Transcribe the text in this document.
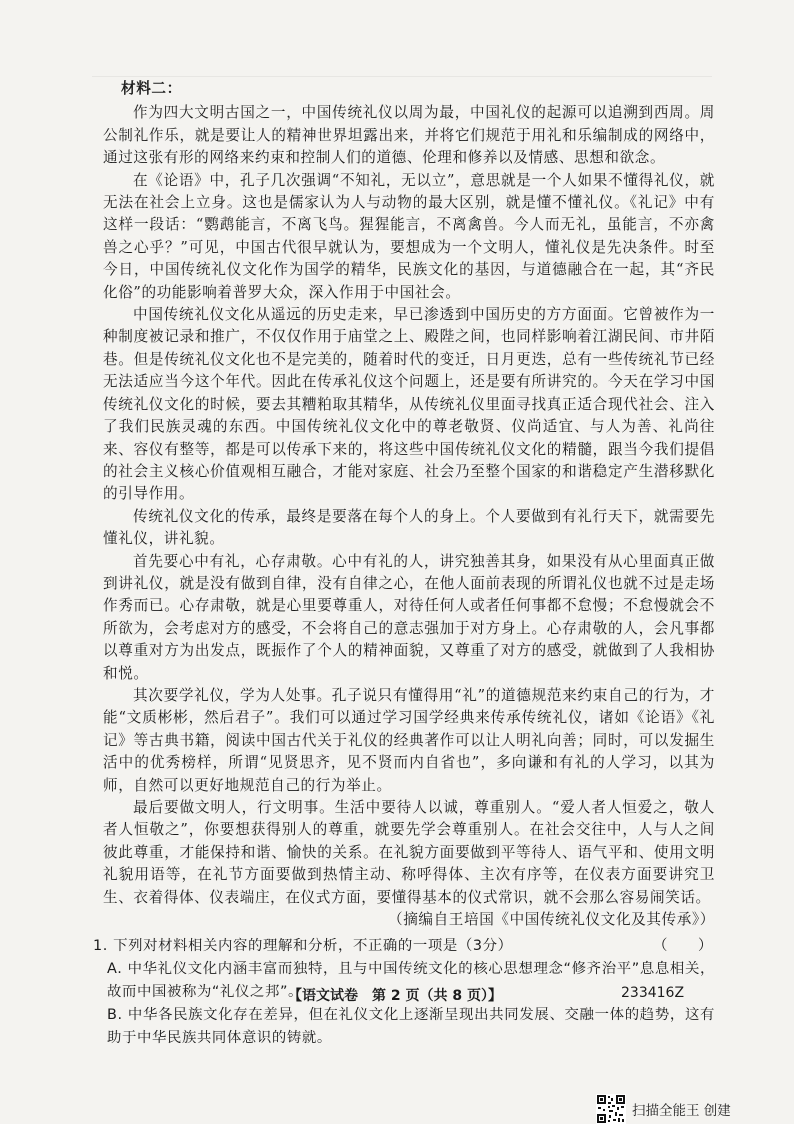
材料二：

作为四大文明古国之一，中国传统礼仪以周为最，中国礼仪的起源可以追溯到西周。周公制礼作乐，就是要让人的精神世界坦露出来，并将它们规范于用礼和乐编制成的网络中，通过这张有形的网络来约束和控制人们的道德、伦理和修养以及情感、思想和欲念。

在《论语》中，孔子几次强调“不知礼，无以立”，意思就是一个人如果不懂得礼仪，就无法在社会上立身。这也是儒家认为人与动物的最大区别，就是懂不懂礼仪。《礼记》中有这样一段话：“鹦鹉能言，不离飞鸟。猩猩能言，不离禽兽。今人而无礼，虽能言，不亦禽兽之心乎？”可见，中国古代很早就认为，要想成为一个文明人，懂礼仪是先决条件。时至今日，中国传统礼仪文化作为国学的精华，民族文化的基因，与道德融合在一起，其“齐民化俗”的功能影响着普罗大众，深入作用于中国社会。

中国传统礼仪文化从遥远的历史走来，早已渗透到中国历史的方方面面。它曾被作为一种制度被记录和推广，不仅仅作用于庙堂之上、殿陛之间，也同样影响着江湖民间、市井陌巷。但是传统礼仪文化也不是完美的，随着时代的变迁，日月更迭，总有一些传统礼节已经无法适应当今这个年代。因此在传承礼仪这个问题上，还是要有所讲究的。今天在学习中国传统礼仪文化的时候，要去其糟粕取其精华，从传统礼仪里面寻找真正适合现代社会、注入了我们民族灵魂的东西。中国传统礼仪文化中的尊老敬贤、仪尚适宜、与人为善、礼尚往来、容仪有整等，都是可以传承下来的，将这些中国传统礼仪文化的精髓，跟当今我们提倡的社会主义核心价值观相互融合，才能对家庭、社会乃至整个国家的和谐稳定产生潜移默化的引导作用。

传统礼仪文化的传承，最终是要落在每个人的身上。个人要做到有礼行天下，就需要先懂礼仪，讲礼貌。

首先要心中有礼，心存肃敬。心中有礼的人，讲究独善其身，如果没有从心里面真正做到讲礼仪，就是没有做到自律，没有自律之心，在他人面前表现的所谓礼仪也就不过是走场作秀而已。心存肃敬，就是心里要尊重人，对待任何人或者任何事都不怠慢；不怠慢就会不所欲为，会考虑对方的感受，不会将自己的意志强加于对方身上。心存肃敬的人，会凡事都以尊重对方为出发点，既振作了个人的精神面貌，又尊重了对方的感受，就做到了人我相协和悦。

其次要学礼仪，学为人处事。孔子说只有懂得用“礼”的道德规范来约束自己的行为，才能“文质彬彬，然后君子”。我们可以通过学习国学经典来传承传统礼仪，诸如《论语》《礼记》等古典书籍，阅读中国古代关于礼仪的经典著作可以让人明礼向善；同时，可以发掘生活中的优秀榜样，所谓“见贤思齐，见不贤而内自省也”，多向谦和有礼的人学习，以其为师，自然可以更好地规范自己的行为举止。

最后要做文明人，行文明事。生活中要待人以诚，尊重别人。“爱人者人恒爱之，敬人者人恒敬之”，你要想获得别人的尊重，就要先学会尊重别人。在社会交往中，人与人之间彼此尊重，才能保持和谐、愉快的关系。在礼貌方面要做到平等待人、语气平和、使用文明礼貌用语等，在礼节方面要做到热情主动、称呼得体、主次有序等，在仪表方面要讲究卫生、衣着得体、仪表端庄，在仪式方面，要懂得基本的仪式常识，就不会那么容易闹笑话。

（摘编自王培国《中国传统礼仪文化及其传承》）

1. 下列对材料相关内容的理解和分析，不正确的一项是（3分）	（　　）

A. 中华礼仪文化内涵丰富而独特，且与中国传统文化的核心思想理念“修齐治平”息息相关，故而中国被称为“礼仪之邦”。

B. 中华各民族文化存在差异，但在礼仪文化上逐渐呈现出共同发展、交融一体的趋势，这有助于中华民族共同体意识的铸就。

【语文试卷　第 2 页（共 8 页）】	233416Z
扫描全能王 创建
